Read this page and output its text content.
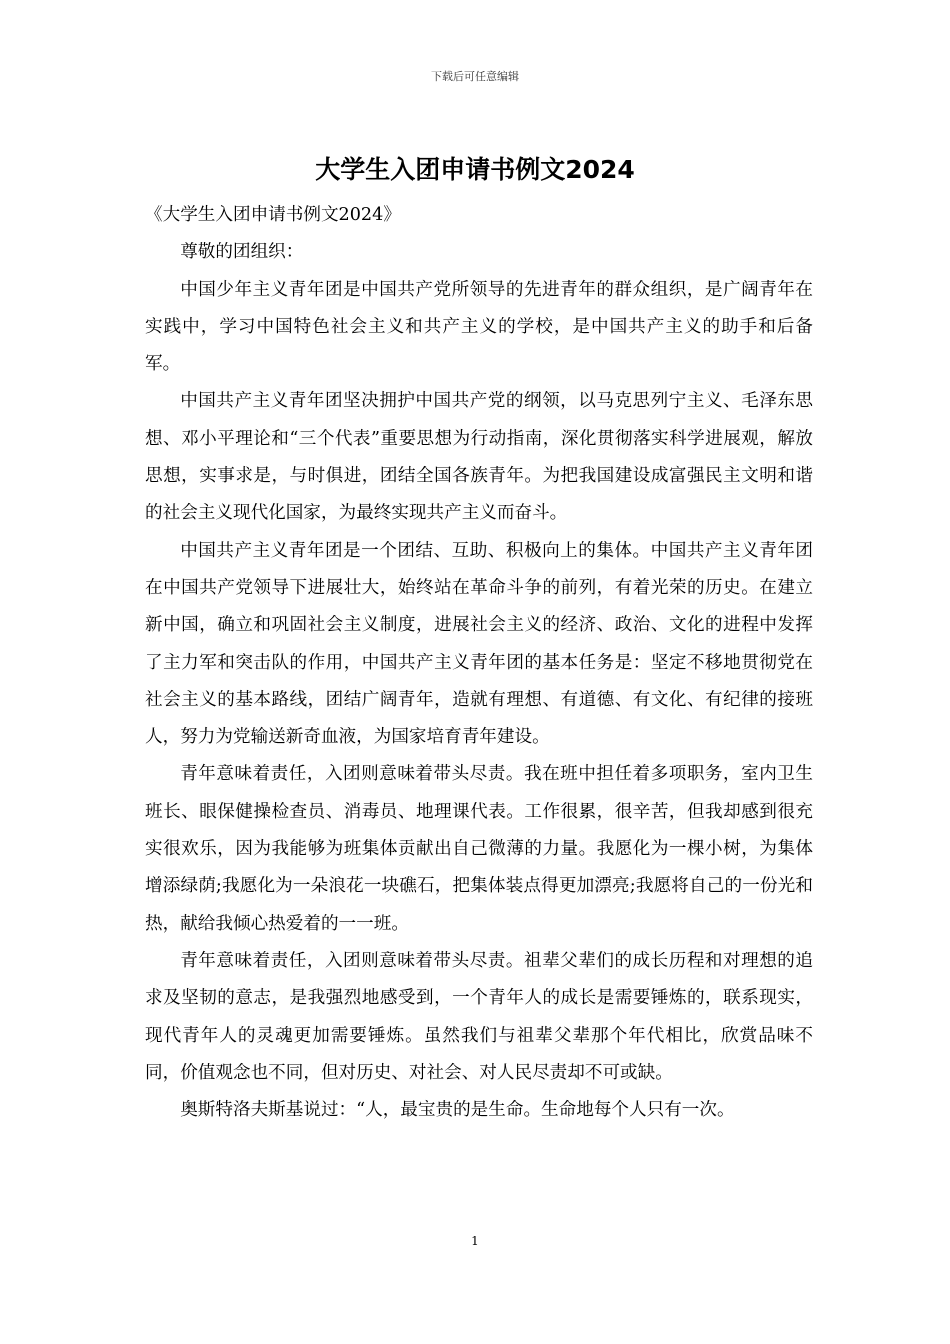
下载后可任意编辑
大学生入团申请书例文2024

《大学生入团申请书例文2024》

尊敬的团组织：

中国少年主义青年团是中国共产党所领导的先进青年的群众组织，是广阔青年在实践中，学习中国特色社会主义和共产主义的学校，是中国共产主义的助手和后备军。

中国共产主义青年团坚决拥护中国共产党的纲领，以马克思列宁主义、毛泽东思想、邓小平理论和“三个代表”重要思想为行动指南，深化贯彻落实科学进展观，解放思想，实事求是，与时俱进，团结全国各族青年。为把我国建设成富强民主文明和谐的社会主义现代化国家，为最终实现共产主义而奋斗。

中国共产主义青年团是一个团结、互助、积极向上的集体。中国共产主义青年团在中国共产党领导下进展壮大，始终站在革命斗争的前列，有着光荣的历史。在建立新中国，确立和巩固社会主义制度，进展社会主义的经济、政治、文化的进程中发挥了主力军和突击队的作用，中国共产主义青年团的基本任务是：坚定不移地贯彻党在社会主义的基本路线，团结广阔青年，造就有理想、有道德、有文化、有纪律的接班人，努力为党输送新奇血液，为国家培育青年建设。

青年意味着责任，入团则意味着带头尽责。我在班中担任着多项职务，室内卫生班长、眼保健操检查员、消毒员、地理课代表。工作很累，很辛苦，但我却感到很充实很欢乐，因为我能够为班集体贡献出自己微薄的力量。我愿化为一棵小树，为集体增添绿荫;我愿化为一朵浪花一块礁石，把集体装点得更加漂亮;我愿将自己的一份光和热，献给我倾心热爱着的一一班。

青年意味着责任，入团则意味着带头尽责。祖辈父辈们的成长历程和对理想的追求及坚韧的意志，是我强烈地感受到，一个青年人的成长是需要锤炼的，联系现实，现代青年人的灵魂更加需要锤炼。虽然我们与祖辈父辈那个年代相比，欣赏品味不同，价值观念也不同，但对历史、对社会、对人民尽责却不可或缺。

奥斯特洛夫斯基说过：“人，最宝贵的是生命。生命地每个人只有一次。

1
